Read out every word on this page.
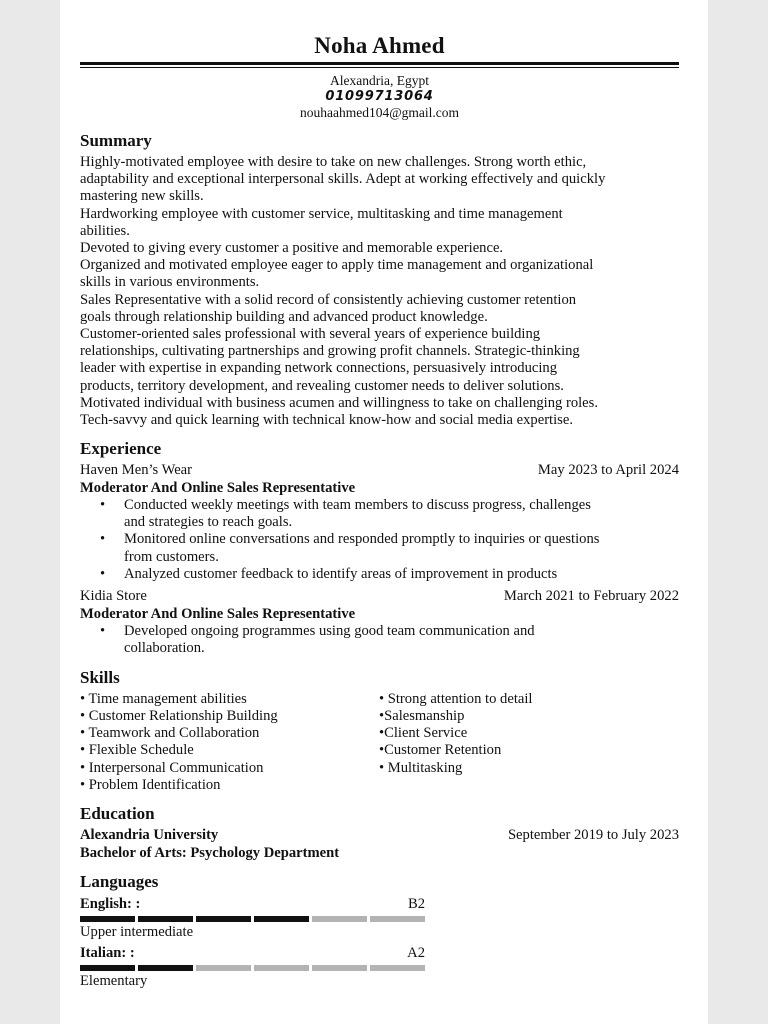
Noha Ahmed
Alexandria, Egypt
01099713064
nouhaahmed104@gmail.com
Summary

Highly-motivated employee with desire to take on new challenges. Strong worth ethic,

adaptability and exceptional interpersonal skills. Adept at working effectively and quickly

mastering new skills.

Hardworking employee with customer service, multitasking and time management

abilities.

Devoted to giving every customer a positive and memorable experience.

Organized and motivated employee eager to apply time management and organizational

skills in various environments.

Sales Representative with a solid record of consistently achieving customer retention

goals through relationship building and advanced product knowledge.

Customer-oriented sales professional with several years of experience building

relationships, cultivating partnerships and growing profit channels. Strategic-thinking

leader with expertise in expanding network connections, persuasively introducing

products, territory development, and revealing customer needs to deliver solutions.

Motivated individual with business acumen and willingness to take on challenging roles.

Tech-savvy and quick learning with technical know-how and social media expertise.

Experience
Haven Men’s Wear	May 2023 to April 2024
Moderator And Online Sales Representative
• Conducted weekly meetings with team members to discuss progress, challenges
and strategies to reach goals.
• Monitored online conversations and responded promptly to inquiries or questions
from customers.
• Analyzed customer feedback to identify areas of improvement in products
Kidia Store	March 2021 to February 2022
Moderator And Online Sales Representative
• Developed ongoing programmes using good team communication and
collaboration.
Skills
• Time management abilities
• Customer Relationship Building
• Teamwork and Collaboration
• Flexible Schedule
• Interpersonal Communication
• Problem Identification
• Strong attention to detail
•Salesmanship
•Client Service
•Customer Retention
• Multitasking
Education
Alexandria University	September 2019 to July 2023
Bachelor of Arts: Psychology Department
Languages
English: :	B2
Upper intermediate
Italian: :	A2
Elementary
